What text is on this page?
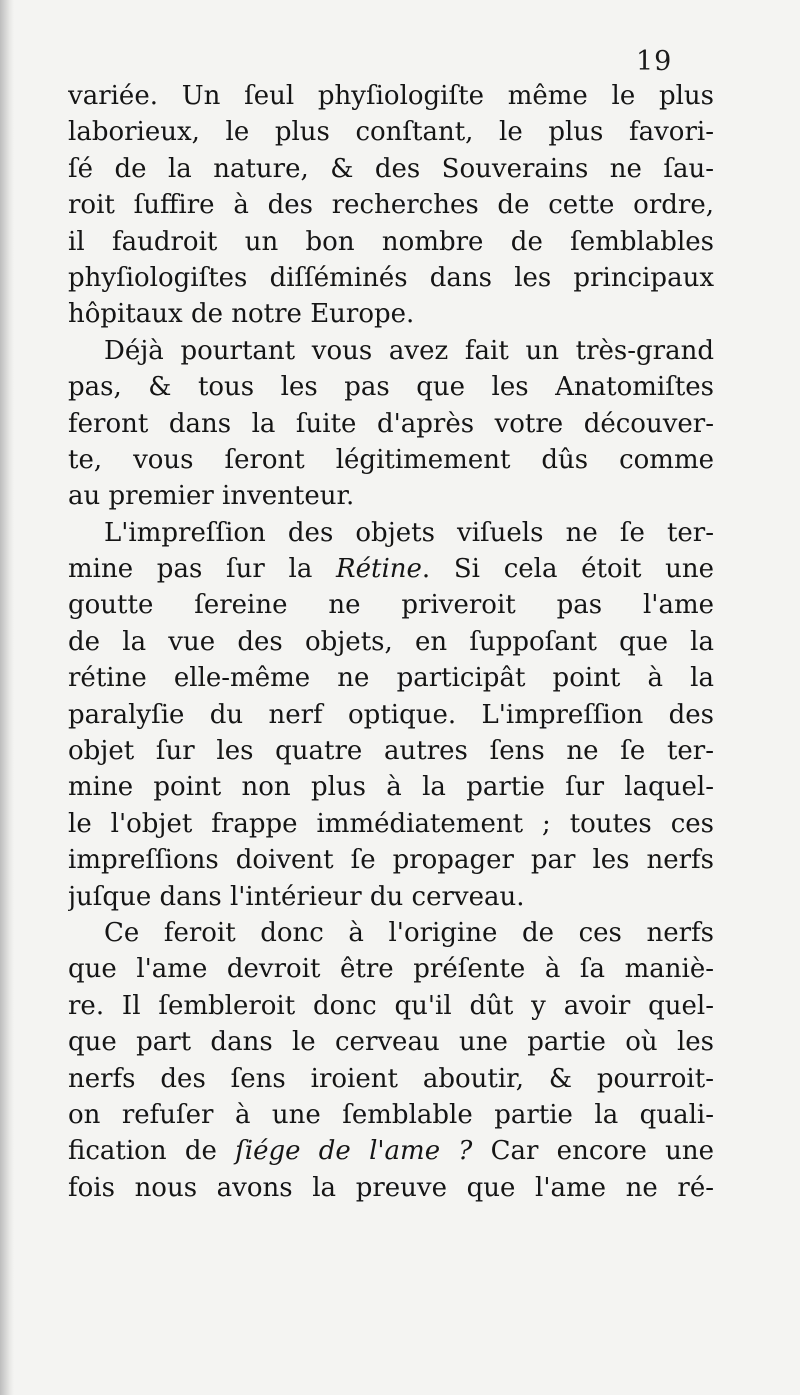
19
variée. Un ſeul phyſiologiſte même le plus
laborieux, le plus conſtant, le plus favori-
ſé de la nature, & des Souverains ne ſau-
roit ſuffire à des recherches de cette ordre,
il faudroit un bon nombre de ſemblables
phyſiologiſtes diſſéminés dans les principaux
hôpitaux de notre Europe.
Déjà pourtant vous avez fait un très-grand
pas, & tous les pas que les Anatomiſtes
feront dans la ſuite d'après votre découver-
te, vous ſeront légitimement dûs comme
au premier inventeur.
L'impreſſion des objets viſuels ne ſe ter-
mine pas ſur la Rétine. Si cela étoit une
goutte ſereine ne priveroit pas l'ame
de la vue des objets, en ſuppoſant que la
rétine elle-même ne participât point à la
paralyſie du nerf optique. L'impreſſion des
objet ſur les quatre autres ſens ne ſe ter-
mine point non plus à la partie ſur laquel-
le l'objet frappe immédiatement ; toutes ces
impreſſions doivent ſe propager par les nerfs
juſque dans l'intérieur du cerveau.
Ce feroit donc à l'origine de ces nerfs
que l'ame devroit être préſente à ſa maniè-
re. Il ſembleroit donc qu'il dût y avoir quel-
que part dans le cerveau une partie où les
nerfs des ſens iroient aboutir, & pourroit-
on refuſer à une ſemblable partie la quali-
fication de ſiége de l'ame ? Car encore une
fois nous avons la preuve que l'ame ne ré-
